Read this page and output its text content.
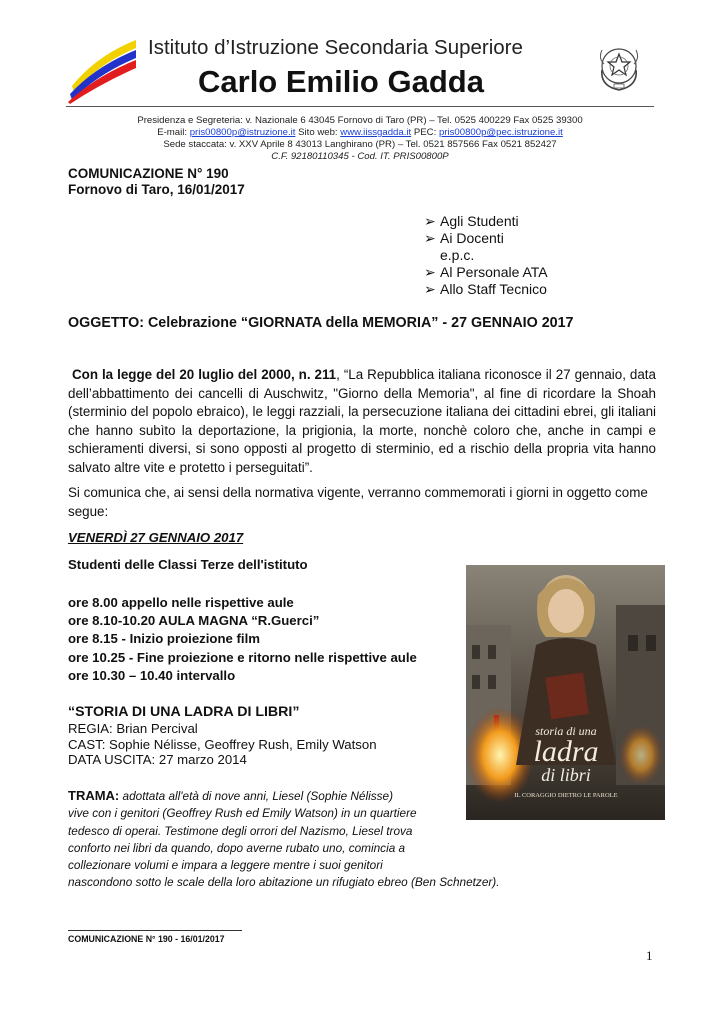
Istituto d’Istruzione Secondaria Superiore
Carlo Emilio Gadda
Presidenza e Segreteria: v. Nazionale 6 43045 Fornovo di Taro (PR) – Tel. 0525 400229 Fax 0525 39300
E-mail: pris00800p@istruzione.it Sito web: www.iissgadda.it PEC: pris00800p@pec.istruzione.it
Sede staccata: v. XXV Aprile 8 43013 Langhirano (PR) – Tel. 0521 857566 Fax 0521 852427
C.F. 92180110345 - Cod. IT. PRIS00800P
COMUNICAZIONE N° 190
Fornovo di Taro, 16/01/2017
➢ Agli Studenti
➢ Ai Docenti
e.p.c.
➢ Al Personale ATA
➢ Allo Staff Tecnico
OGGETTO: Celebrazione “GIORNATA della MEMORIA” - 27 GENNAIO 2017
Con la legge del 20 luglio del 2000, n. 211, “La Repubblica italiana riconosce il 27 gennaio, data dell’abbattimento dei cancelli di Auschwitz, "Giorno della Memoria", al fine di ricordare la Shoah (sterminio del popolo ebraico), le leggi razziali, la persecuzione italiana dei cittadini ebrei, gli italiani che hanno subìto la deportazione, la prigionia, la morte, nonchè coloro che, anche in campi e schieramenti diversi, si sono opposti al progetto di sterminio, ed a rischio della propria vita hanno salvato altre vite e protetto i perseguitati”.
Si comunica che, ai sensi della normativa vigente, verranno commemorati i giorni in oggetto come segue:
VENERDÌ 27 GENNAIO 2017
Studenti delle Classi Terze dell'istituto
ore 8.00 appello nelle rispettive aule
ore 8.10-10.20 AULA MAGNA “R.Guerci”
ore 8.15 - Inizio proiezione film
ore 10.25 - Fine proiezione e ritorno nelle rispettive aule
ore 10.30 – 10.40 intervallo
storia di una
ladra
di libri
IL CORAGGIO DIETRO LE PAROLE
“STORIA DI UNA LADRA DI LIBRI”
REGIA: Brian Percival
CAST: Sophie Nélisse, Geoffrey Rush, Emily Watson
DATA USCITA: 27 marzo 2014
TRAMA: adottata all'età di nove anni, Liesel (Sophie Nélisse)
vive con i genitori (Geoffrey Rush ed Emily Watson) in un quartiere
tedesco di operai. Testimone degli orrori del Nazismo, Liesel trova
conforto nei libri da quando, dopo averne rubato uno, comincia a
collezionare volumi e impara a leggere mentre i suoi genitori
nascondono sotto le scale della loro abitazione un rifugiato ebreo (Ben Schnetzer).
COMUNICAZIONE N° 190 - 16/01/2017
1
